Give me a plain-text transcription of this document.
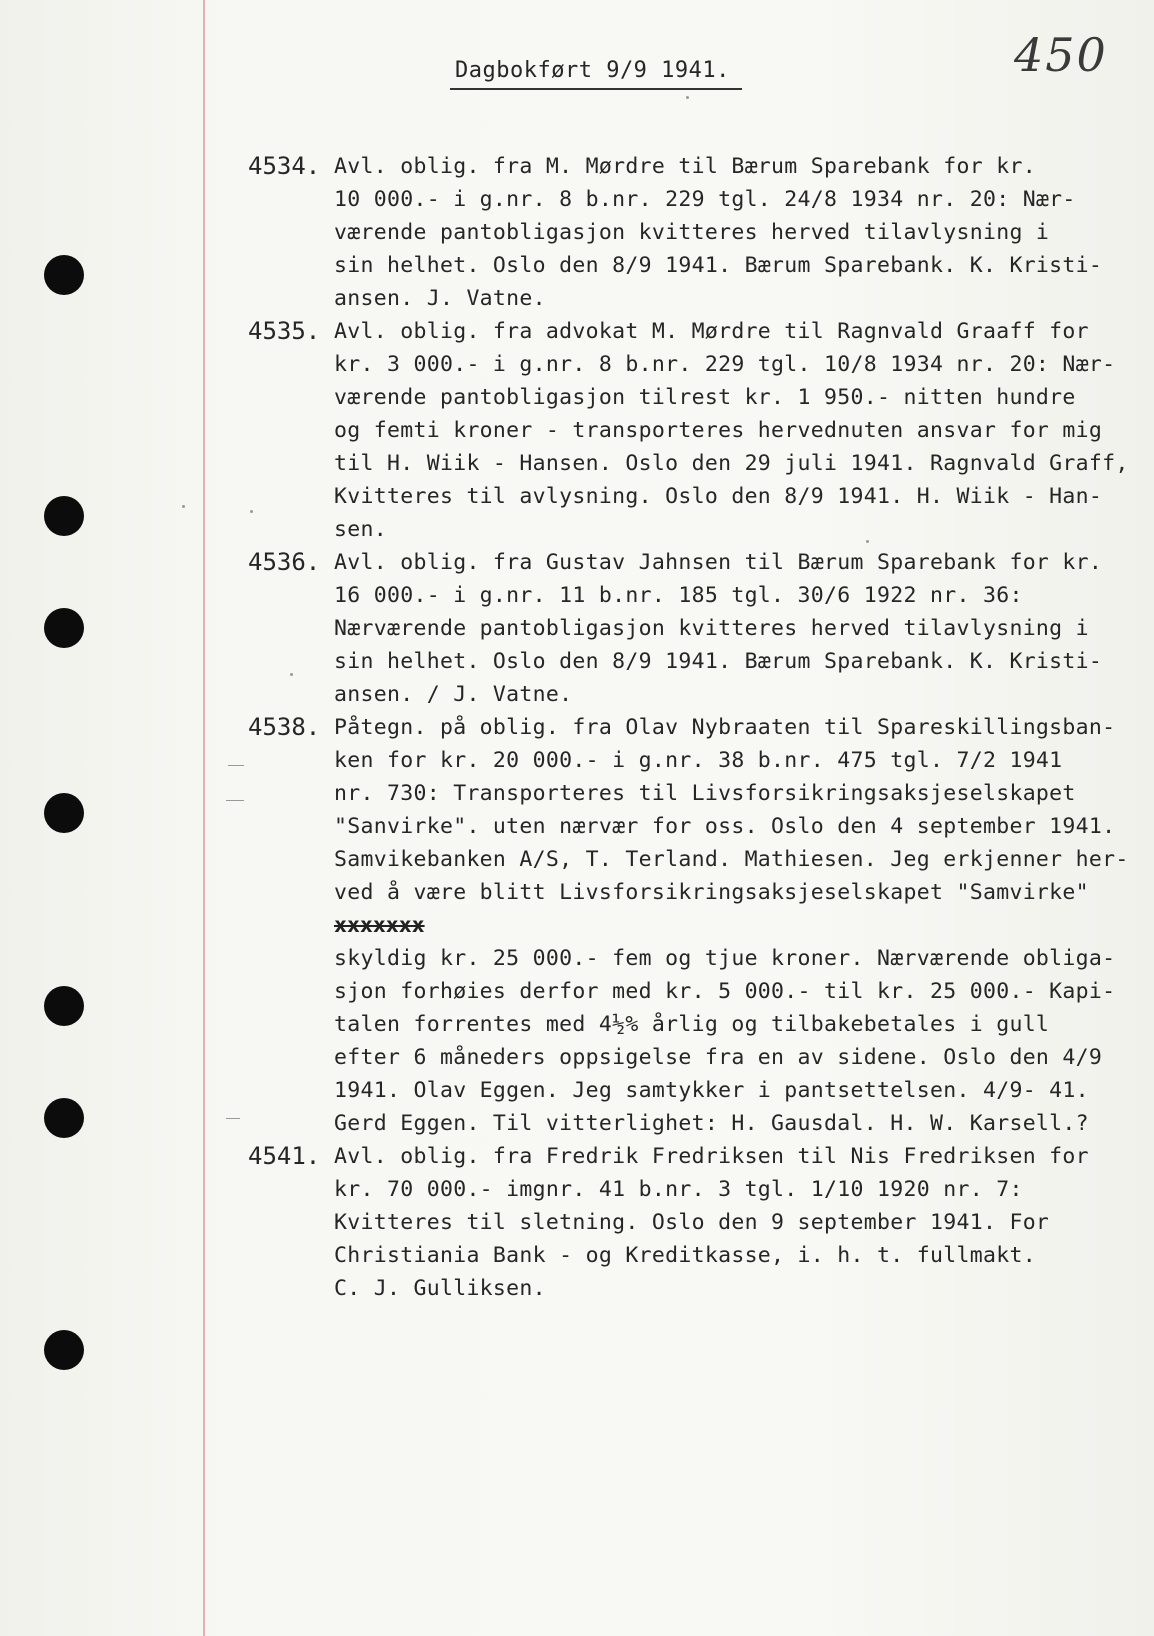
450
Dagbokført 9/9 1941.
4534. Avl. oblig. fra M. Mørdre til Bærum Sparebank for kr.
10 000.- i g.nr. 8 b.nr. 229 tgl. 24/8 1934 nr. 20: Nær-
værende pantobligasjon kvitteres herved tilavlysning i
sin helhet. Oslo den 8/9 1941. Bærum Sparebank. K. Kristi-
ansen. J. Vatne.
4535. Avl. oblig. fra advokat M. Mørdre til Ragnvald Graaff for
kr. 3 000.- i g.nr. 8 b.nr. 229 tgl. 10/8 1934 nr. 20: Nær-
værende pantobligasjon tilrest kr. 1 950.- nitten hundre
og femti kroner - transporteres hervednuten ansvar for mig
til H. Wiik - Hansen. Oslo den 29 juli 1941. Ragnvald Graff,
Kvitteres til avlysning. Oslo den 8/9 1941. H. Wiik - Han-
sen.
4536. Avl. oblig. fra Gustav Jahnsen til Bærum Sparebank for kr.
16 000.- i g.nr. 11 b.nr. 185 tgl. 30/6 1922 nr. 36:
Nærværende pantobligasjon kvitteres herved tilavlysning i
sin helhet. Oslo den 8/9 1941. Bærum Sparebank. K. Kristi-
ansen. / J. Vatne.
4538. Påtegn. på oblig. fra Olav Nybraaten til Spareskillingsban-
ken for kr. 20 000.- i g.nr. 38 b.nr. 475 tgl. 7/2 1941
nr. 730: Transporteres til Livsforsikringsaksjeselskapet
"Sanvirke". uten nærvær for oss. Oslo den 4 september 1941.
Samvikebanken A/S, T. Terland. Mathiesen. Jeg erkjenner her-
ved å være blitt Livsforsikringsaksjeselskapet "Samvirke"
xxxxxxx
skyldig kr. 25 000.- fem og tjue kroner. Nærværende obliga-
sjon forhøies derfor med kr. 5 000.- til kr. 25 000.- Kapi-
talen forrentes med 4½% årlig og tilbakebetales i gull
efter 6 måneders oppsigelse fra en av sidene. Oslo den 4/9
1941. Olav Eggen. Jeg samtykker i pantsettelsen. 4/9- 41.
Gerd Eggen. Til vitterlighet: H. Gausdal. H. W. Karsell.?
4541. Avl. oblig. fra Fredrik Fredriksen til Nis Fredriksen for
kr. 70 000.- imgnr. 41 b.nr. 3 tgl. 1/10 1920 nr. 7:
Kvitteres til sletning. Oslo den 9 september 1941. For
Christiania Bank - og Kreditkasse, i. h. t. fullmakt.
C. J. Gulliksen.
